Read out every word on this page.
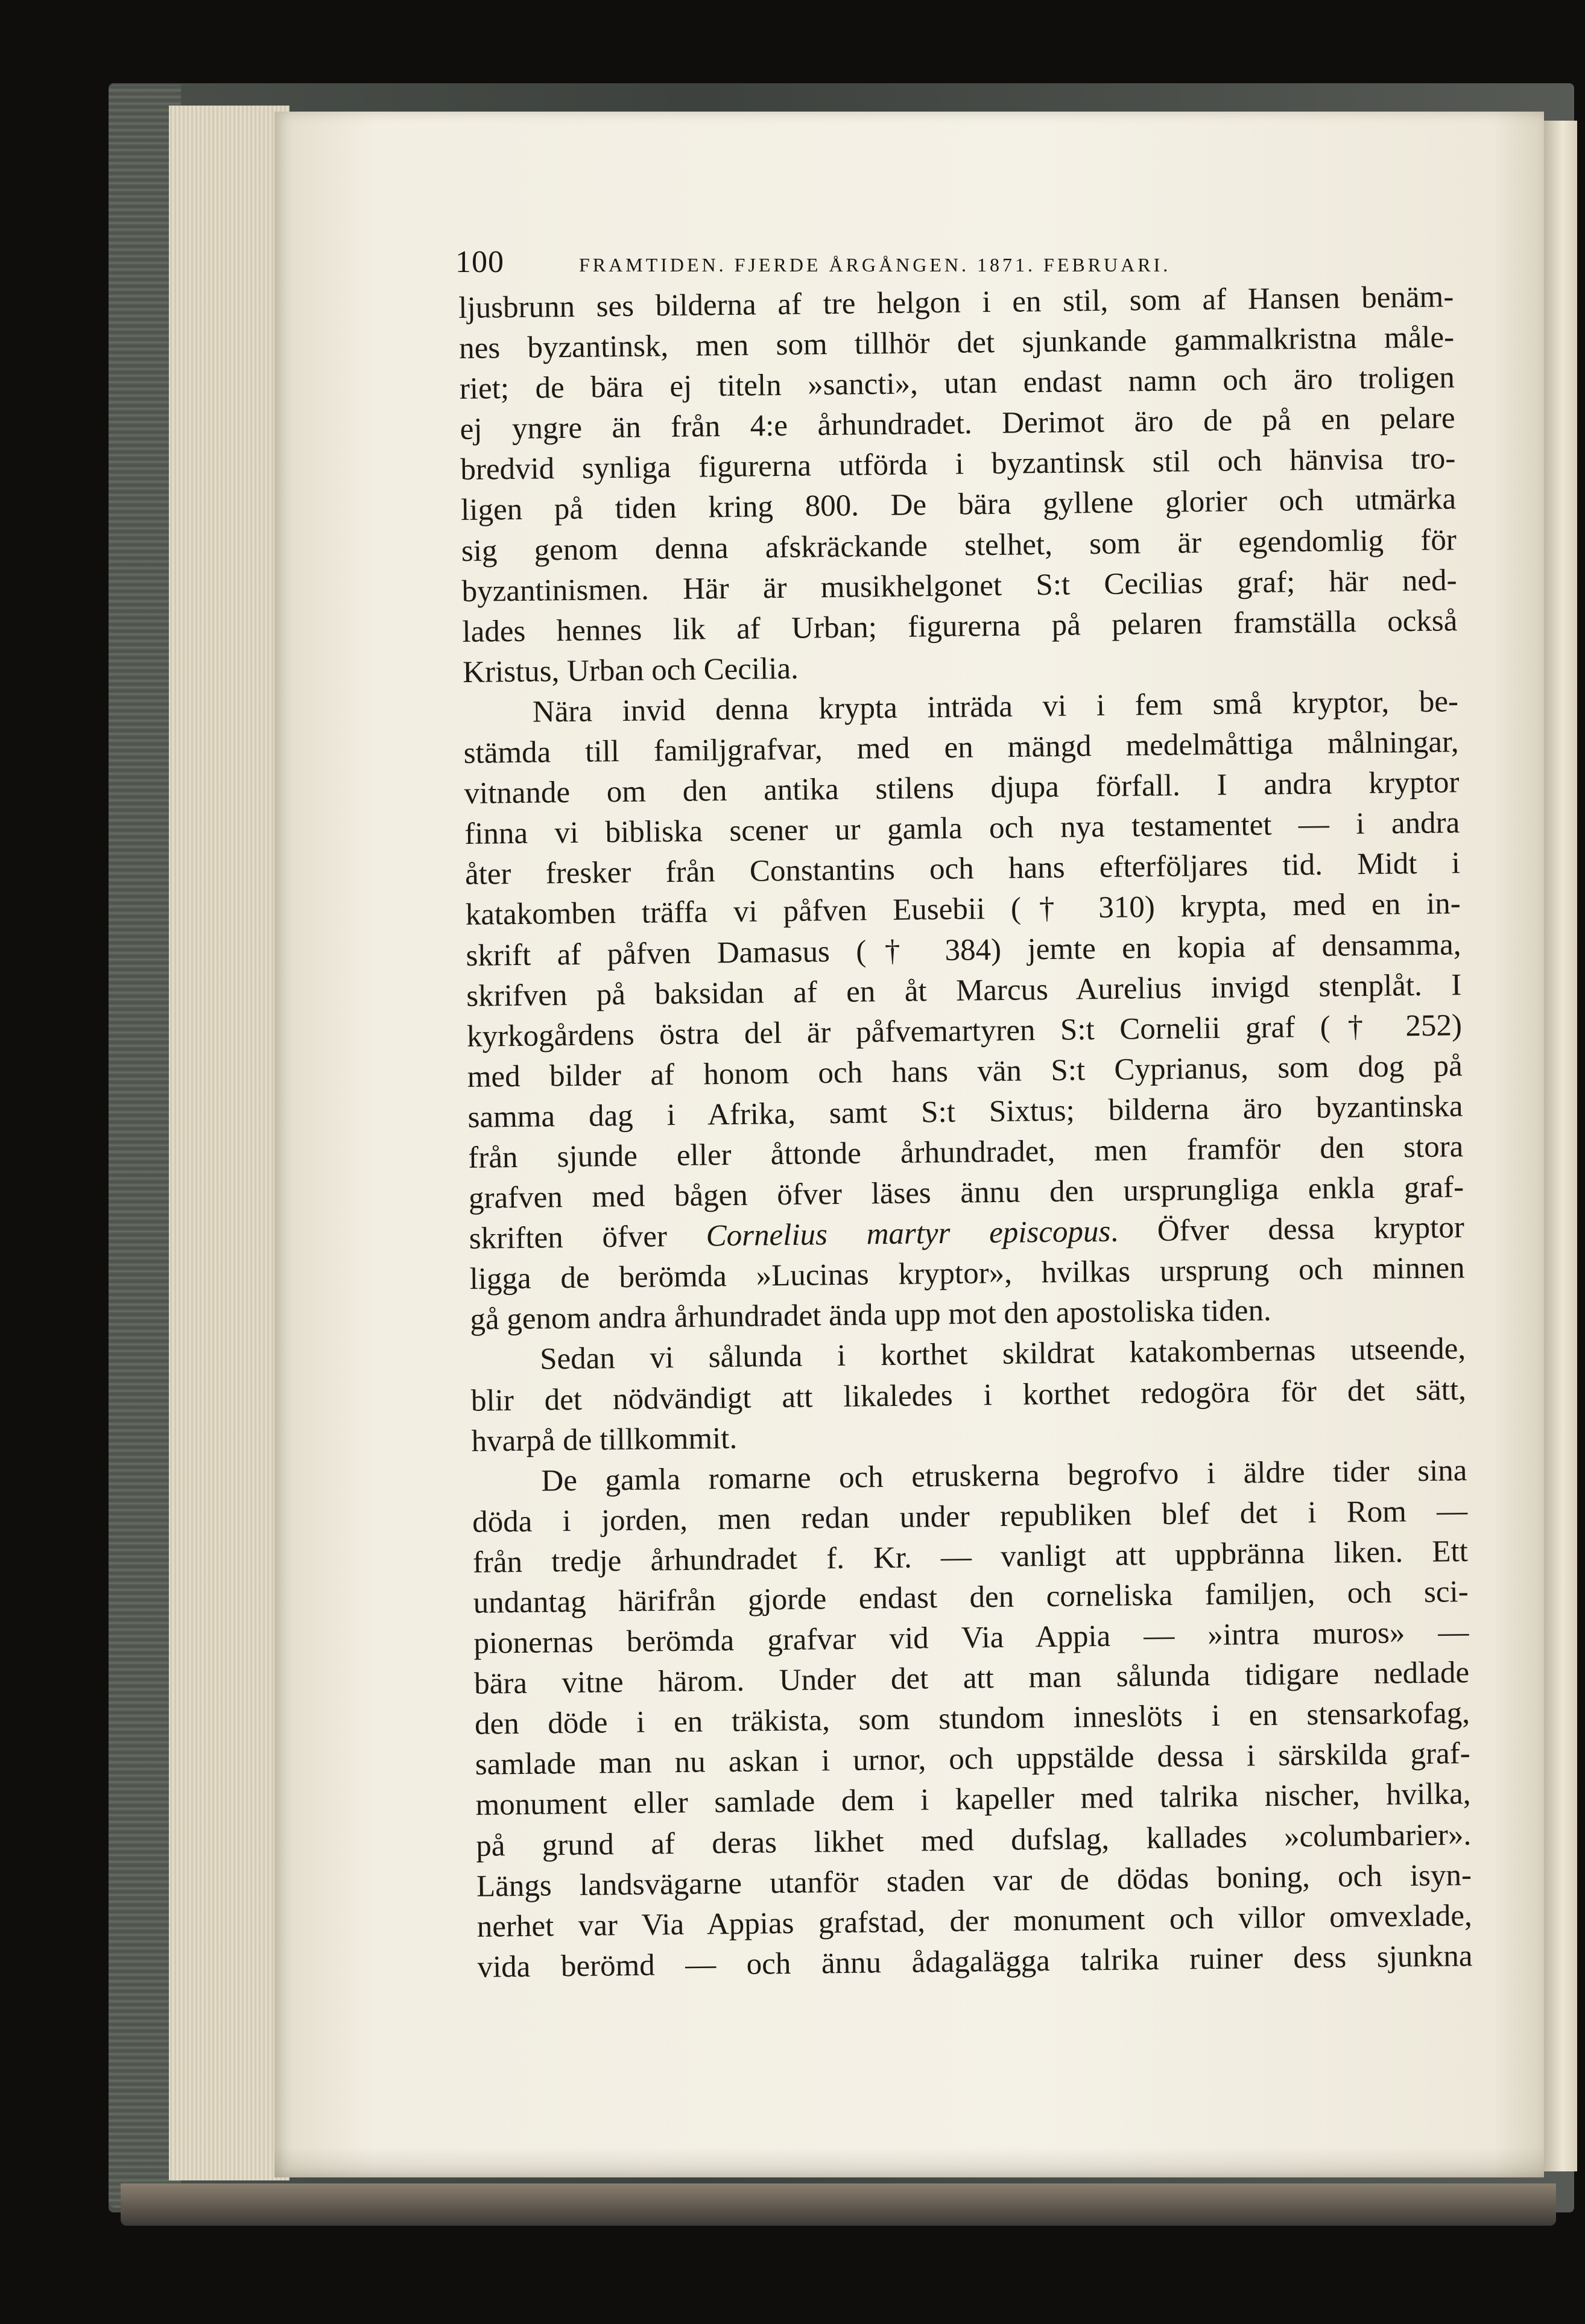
100	FRAMTIDEN. FJERDE ÅRGÅNGEN. 1871. FEBRUARI.
ljusbrunn ses bilderna af tre helgon i en stil, som af Hansen benäm-
nes byzantinsk, men som tillhör det sjunkande gammalkristna måle-
riet; de bära ej titeln »sancti», utan endast namn och äro troligen
ej yngre än från 4:e århundradet. Derimot äro de på en pelare
bredvid synliga figurerna utförda i byzantinsk stil och hänvisa tro-
ligen på tiden kring 800. De bära gyllene glorier och utmärka
sig genom denna afskräckande stelhet, som är egendomlig för
byzantinismen. Här är musikhelgonet S:t Cecilias graf; här ned-
lades hennes lik af Urban; figurerna på pelaren framställa också
Kristus, Urban och Cecilia.
Nära invid denna krypta inträda vi i fem små kryptor, be-
stämda till familjgrafvar, med en mängd medelmåttiga målningar,
vitnande om den antika stilens djupa förfall. I andra kryptor
finna vi bibliska scener ur gamla och nya testamentet — i andra
åter fresker från Constantins och hans efterföljares tid. Midt i
katakomben träffa vi påfven Eusebii († 310) krypta, med en in-
skrift af påfven Damasus († 384) jemte en kopia af densamma,
skrifven på baksidan af en åt Marcus Aurelius invigd stenplåt. I
kyrkogårdens östra del är påfvemartyren S:t Cornelii graf († 252)
med bilder af honom och hans vän S:t Cyprianus, som dog på
samma dag i Afrika, samt S:t Sixtus; bilderna äro byzantinska
från sjunde eller åttonde århundradet, men framför den stora
grafven med bågen öfver läses ännu den ursprungliga enkla graf-
skriften öfver Cornelius martyr episcopus. Öfver dessa kryptor
ligga de berömda »Lucinas kryptor», hvilkas ursprung och minnen
gå genom andra århundradet ända upp mot den apostoliska tiden.
Sedan vi sålunda i korthet skildrat katakombernas utseende,
blir det nödvändigt att likaledes i korthet redogöra för det sätt,
hvarpå de tillkommit.
De gamla romarne och etruskerna begrofvo i äldre tider sina
döda i jorden, men redan under republiken blef det i Rom —
från tredje århundradet f. Kr. — vanligt att uppbränna liken. Ett
undantag härifrån gjorde endast den corneliska familjen, och sci-
pionernas berömda grafvar vid Via Appia — »intra muros» —
bära vitne härom. Under det att man sålunda tidigare nedlade
den döde i en träkista, som stundom inneslöts i en stensarkofag,
samlade man nu askan i urnor, och uppstälde dessa i särskilda graf-
monument eller samlade dem i kapeller med talrika nischer, hvilka,
på grund af deras likhet med dufslag, kallades »columbarier».
Längs landsvägarne utanför staden var de dödas boning, och isyn-
nerhet var Via Appias grafstad, der monument och villor omvexlade,
vida berömd — och ännu ådagalägga talrika ruiner dess sjunkna
